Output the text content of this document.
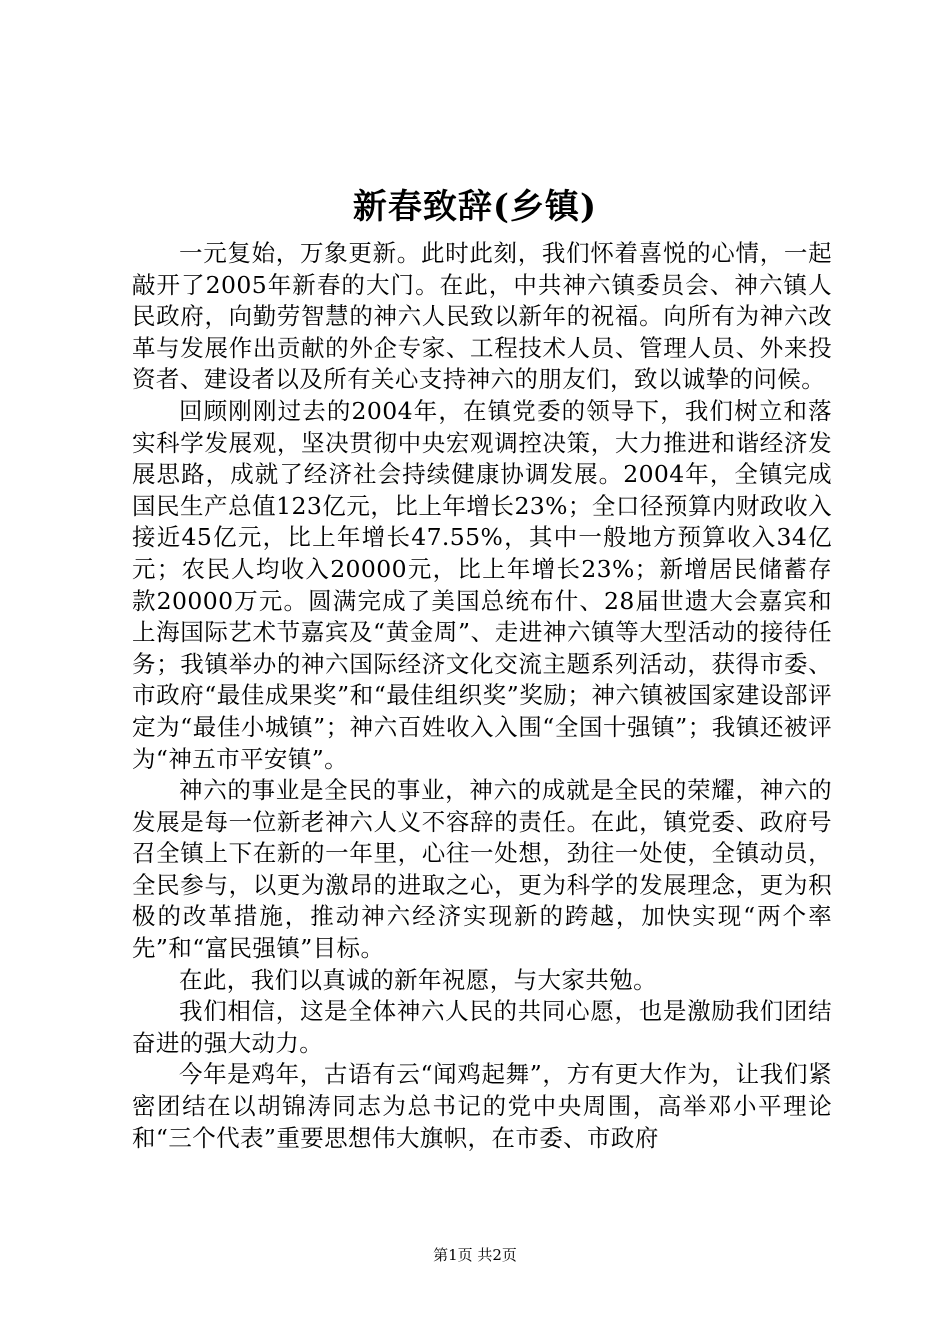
新春致辞(乡镇)

一元复始，万象更新。此时此刻，我们怀着喜悦的心情，一起敲开了2005年新春的大门。在此，中共神六镇委员会、神六镇人民政府，向勤劳智慧的神六人民致以新年的祝福。向所有为神六改革与发展作出贡献的外企专家、工程技术人员、管理人员、外来投资者、建设者以及所有关心支持神六的朋友们，致以诚挚的问候。

回顾刚刚过去的2004年，在镇党委的领导下，我们树立和落实科学发展观，坚决贯彻中央宏观调控决策，大力推进和谐经济发展思路，成就了经济社会持续健康协调发展。2004年，全镇完成国民生产总值123亿元，比上年增长23%；全口径预算内财政收入接近45亿元，比上年增长47.55%，其中一般地方预算收入34亿元；农民人均收入20000元，比上年增长23%；新增居民储蓄存款20000万元。圆满完成了美国总统布什、28届世遗大会嘉宾和上海国际艺术节嘉宾及“黄金周”、走进神六镇等大型活动的接待任务；我镇举办的神六国际经济文化交流主题系列活动，获得市委、市政府“最佳成果奖”和“最佳组织奖”奖励；神六镇被国家建设部评定为“最佳小城镇”；神六百姓收入入围“全国十强镇”；我镇还被评为“神五市平安镇”。

神六的事业是全民的事业，神六的成就是全民的荣耀，神六的发展是每一位新老神六人义不容辞的责任。在此，镇党委、政府号召全镇上下在新的一年里，心往一处想，劲往一处使，全镇动员，全民参与，以更为激昂的进取之心，更为科学的发展理念，更为积极的改革措施，推动神六经济实现新的跨越，加快实现“两个率先”和“富民强镇”目标。

在此，我们以真诚的新年祝愿，与大家共勉。

我们相信，这是全体神六人民的共同心愿，也是激励我们团结奋进的强大动力。

今年是鸡年，古语有云“闻鸡起舞”，方有更大作为，让我们紧密团结在以胡锦涛同志为总书记的党中央周围，高举邓小平理论和“三个代表”重要思想伟大旗帜，在市委、市政府

第1页 共2页
